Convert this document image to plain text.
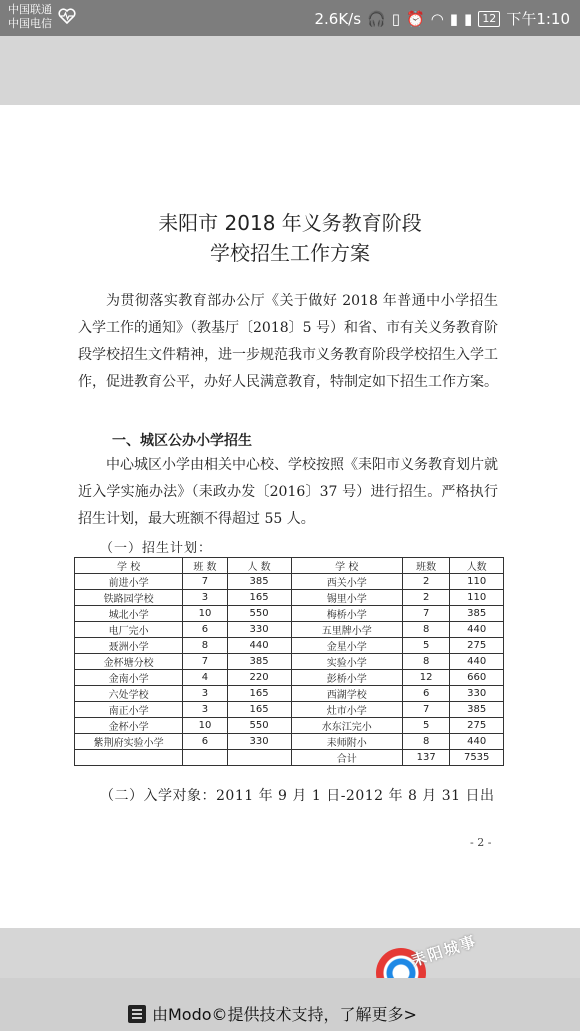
中国联通
中国电信	2.6K/s 🎧 ▯ ⏰ ◠ ▮ ▮ 12 下午1:10
耒阳市 2018 年义务教育阶段
学校招生工作方案
为贯彻落实教育部办公厅《关于做好 2018 年普通中小学招生入学工作的通知》（教基厅〔2018〕5 号）和省、市有关义务教育阶段学校招生文件精神，进一步规范我市义务教育阶段学校招生入学工作，促进教育公平，办好人民满意教育，特制定如下招生工作方案。
一、城区公办小学招生
中心城区小学由相关中心校、学校按照《耒阳市义务教育划片就近入学实施办法》（耒政办发〔2016〕37 号）进行招生。严格执行招生计划，最大班额不得超过 55 人。
（一）招生计划：
学 校	班 数	人 数	学 校	班数	人数
前进小学	7	385	西关小学	2	110
铁路园学校	3	165	锡里小学	2	110
城北小学	10	550	梅桥小学	7	385
电厂完小	6	330	五里牌小学	8	440
聂洲小学	8	440	金星小学	5	275
金杯塘分校	7	385	实验小学	8	440
金南小学	4	220	彭桥小学	12	660
六处学校	3	165	西湖学校	6	330
南正小学	3	165	灶市小学	7	385
金杯小学	10	550	水东江完小	5	275
紫荆府实验小学	6	330	耒师附小	8	440
			合计	137	7535
（二）入学对象：2011 年 9 月 1 日-2012 年 8 月 31 日出
- 2 -
耒阳城事
由Modo©提供技术支持，了解更多>
